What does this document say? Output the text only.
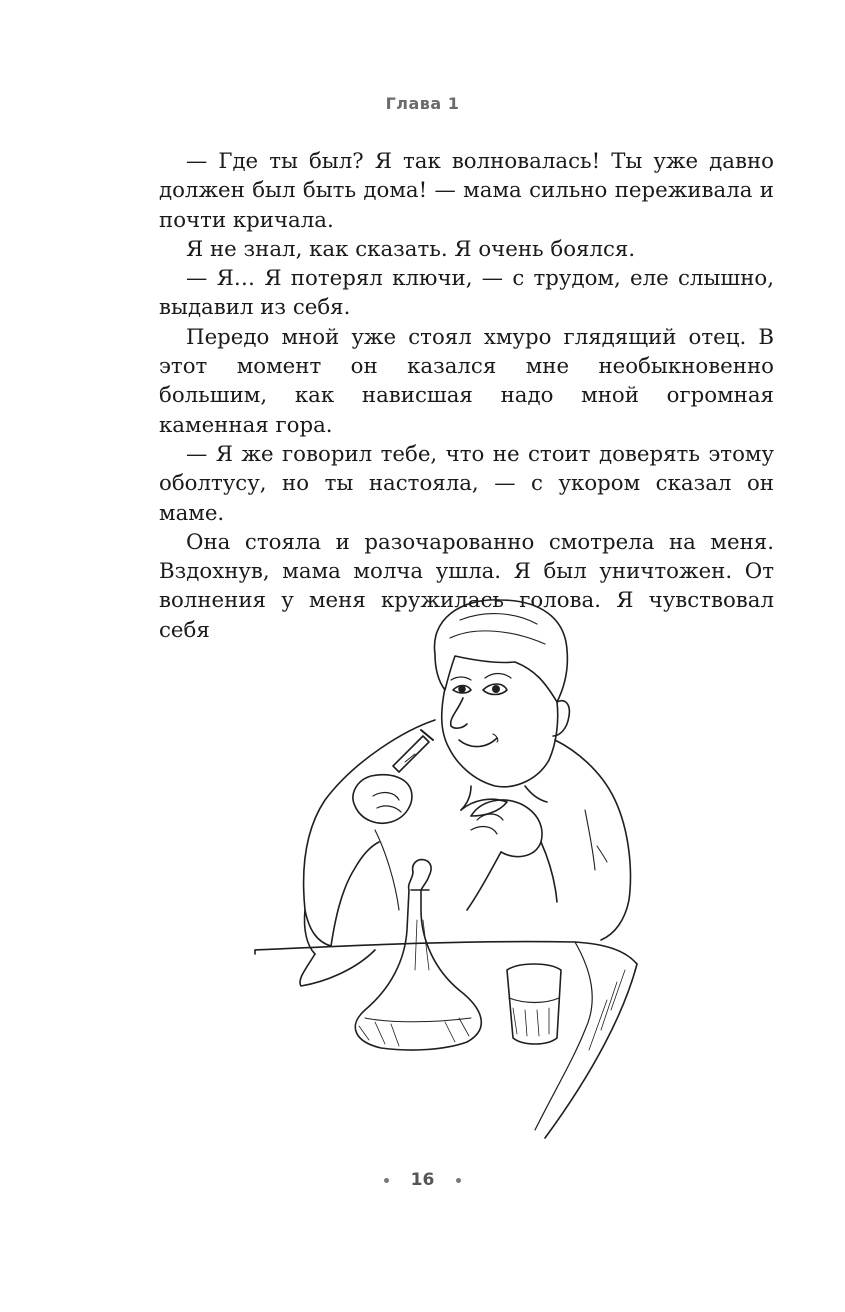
Глава 1

— Где ты был? Я так волновалась! Ты уже давно должен был быть дома! — мама сильно переживала и почти кричала.

Я не знал, как сказать. Я очень боялся.

— Я… Я потерял ключи, — с трудом, еле слышно, выдавил из себя.

Передо мной уже стоял хмуро глядящий отец. В этот момент он казался мне необыкновенно большим, как нависшая надо мной огромная каменная гора.

— Я же говорил тебе, что не стоит доверять этому оболтусу, но ты настояла, — с укором сказал он маме.

Она стояла и разочарованно смотрела на меня. Вздохнув, мама молча ушла. Я был уничтожен. От волнения у меня кружилась голова. Я чувствовал себя

16
